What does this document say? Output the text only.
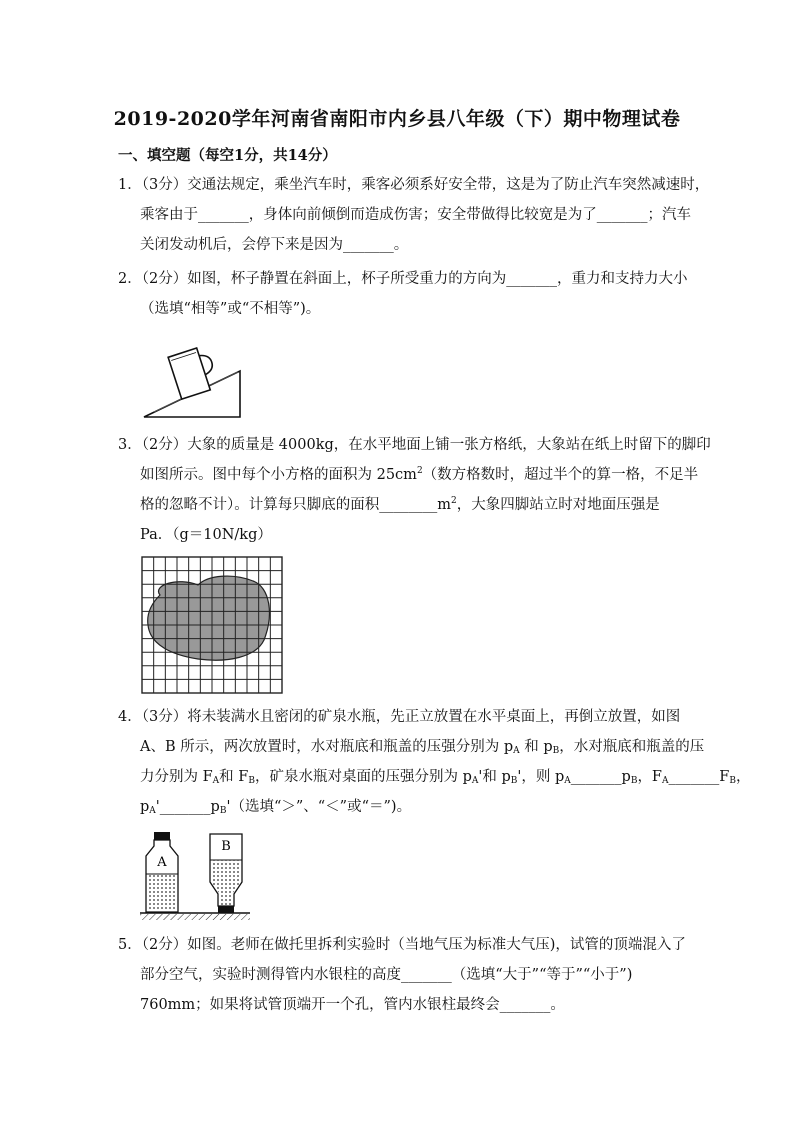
2019-2020学年河南省南阳市内乡县八年级（下）期中物理试卷
一、填空题（每空1分，共14分）
1．（3分）交通法规定，乘坐汽车时，乘客必须系好安全带，这是为了防止汽车突然减速时，
乘客由于_______，身体向前倾倒而造成伤害；安全带做得比较宽是为了_______；汽车
关闭发动机后，会停下来是因为_______。
2．（2分）如图，杯子静置在斜面上，杯子所受重力的方向为_______，重力和支持力大小
（选填“相等”或“不相等”)。
3．（2分）大象的质量是 4000kg，在水平地面上铺一张方格纸，大象站在纸上时留下的脚印
如图所示。图中每个小方格的面积为 $25cm^2$（数方格数时，超过半个的算一格，不足半
格的忽略不计）。计算每只脚底的面积$\_\_\_\_\_\_\_\_m^2$，大象四脚站立时对地面压强是
Pa．（g＝10N/kg）
4．（3分）将未装满水且密闭的矿泉水瓶，先正立放置在水平桌面上，再倒立放置，如图
A、B 所示，两次放置时，水对瓶底和瓶盖的压强分别为 $p_A$ 和 $p_B$，水对瓶底和瓶盖的压
力分别为 $F_A$和 $F_B$，矿泉水瓶对桌面的压强分别为 $p_A'$和 $p_B'$，则 $p_A\_\_\_\_\_\_\_p_B$，$F_A\_\_\_\_\_\_\_F_B$，
$p_A'\_\_\_\_\_\_\_p_B'$（选填“＞”、“＜”或“＝”)。
A
B
5．（2分）如图。老师在做托里拆利实验时（当地气压为标准大气压)，试管的顶端混入了
部分空气，实验时测得管内水银柱的高度_______（选填“大于”“等于”“小于”)
760mm；如果将试管顶端开一个孔，管内水银柱最终会_______。
